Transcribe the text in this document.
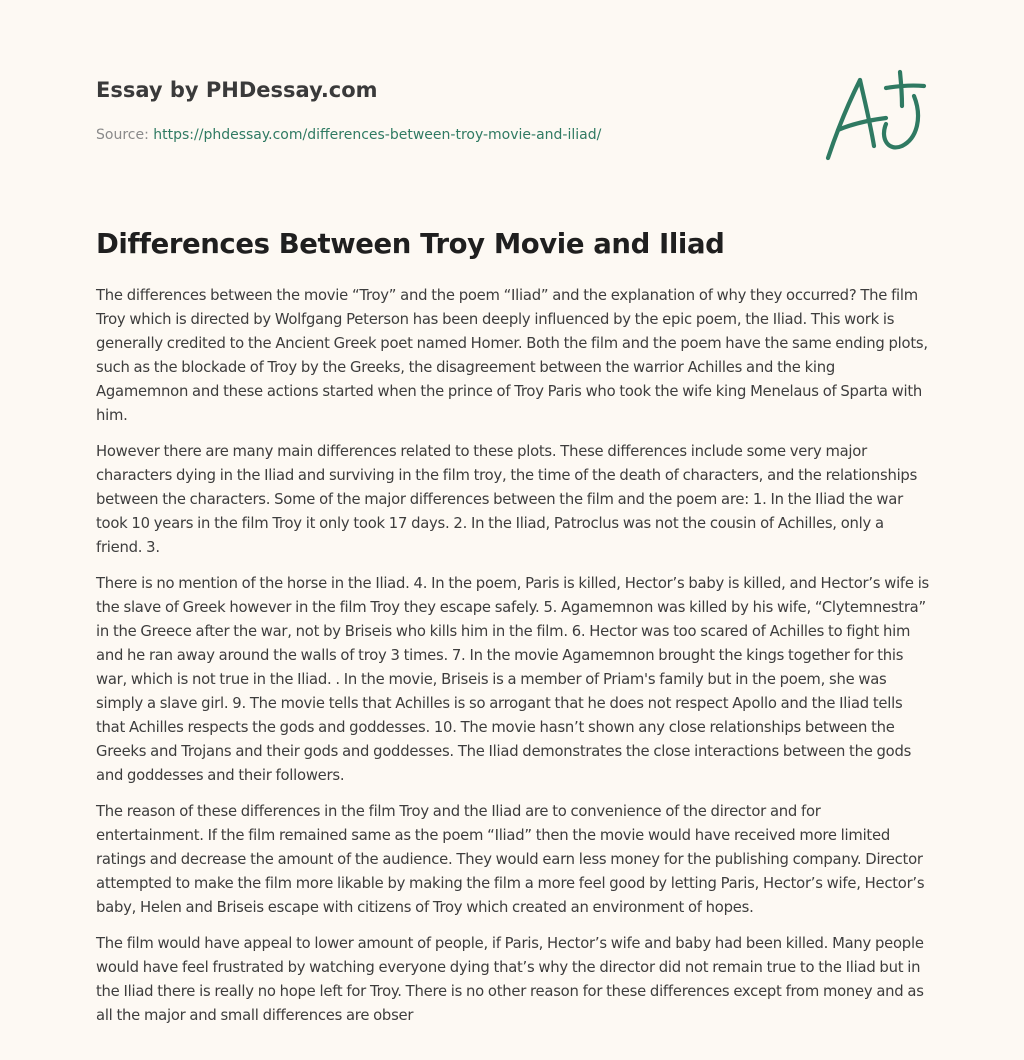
Essay by PHDessay.com
Source: https://phdessay.com/differences-between-troy-movie-and-iliad/
Differences Between Troy Movie and Iliad

The differences between the movie “Troy” and the poem “Iliad” and the explanation of why they occurred? The film Troy which is directed by Wolfgang Peterson has been deeply influenced by the epic poem, the Iliad. This work is generally credited to the Ancient Greek poet named Homer. Both the film and the poem have the same ending plots, such as the blockade of Troy by the Greeks, the disagreement between the warrior Achilles and the king Agamemnon and these actions started when the prince of Troy Paris who took the wife king Menelaus of Sparta with him.

However there are many main differences related to these plots. These differences include some very major characters dying in the Iliad and surviving in the film troy, the time of the death of characters, and the relationships between the characters. Some of the major differences between the film and the poem are: 1. In the Iliad the war took 10 years in the film Troy it only took 17 days. 2. In the Iliad, Patroclus was not the cousin of Achilles, only a friend. 3.

There is no mention of the horse in the Iliad. 4. In the poem, Paris is killed, Hector’s baby is killed, and Hector’s wife is the slave of Greek however in the film Troy they escape safely. 5. Agamemnon was killed by his wife, “Clytemnestra” in the Greece after the war, not by Briseis who kills him in the film. 6. Hector was too scared of Achilles to fight him and he ran away around the walls of troy 3 times. 7. In the movie Agamemnon brought the kings together for this war, which is not true in the Iliad. . In the movie, Briseis is a member of Priam's family but in the poem, she was simply a slave girl. 9. The movie tells that Achilles is so arrogant that he does not respect Apollo and the Iliad tells that Achilles respects the gods and goddesses. 10. The movie hasn’t shown any close relationships between the Greeks and Trojans and their gods and goddesses. The Iliad demonstrates the close interactions between the gods and goddesses and their followers.

The reason of these differences in the film Troy and the Iliad are to convenience of the director and for entertainment. If the film remained same as the poem “Iliad” then the movie would have received more limited ratings and decrease the amount of the audience. They would earn less money for the publishing company. Director attempted to make the film more likable by making the film a more feel good by letting Paris, Hector’s wife, Hector’s baby, Helen and Briseis escape with citizens of Troy which created an environment of hopes.

The film would have appeal to lower amount of people, if Paris, Hector’s wife and baby had been killed. Many people would have feel frustrated by watching everyone dying that’s why the director did not remain true to the Iliad but in the Iliad there is really no hope left for Troy. There is no other reason for these differences except from money and as all the major and small differences are obser
